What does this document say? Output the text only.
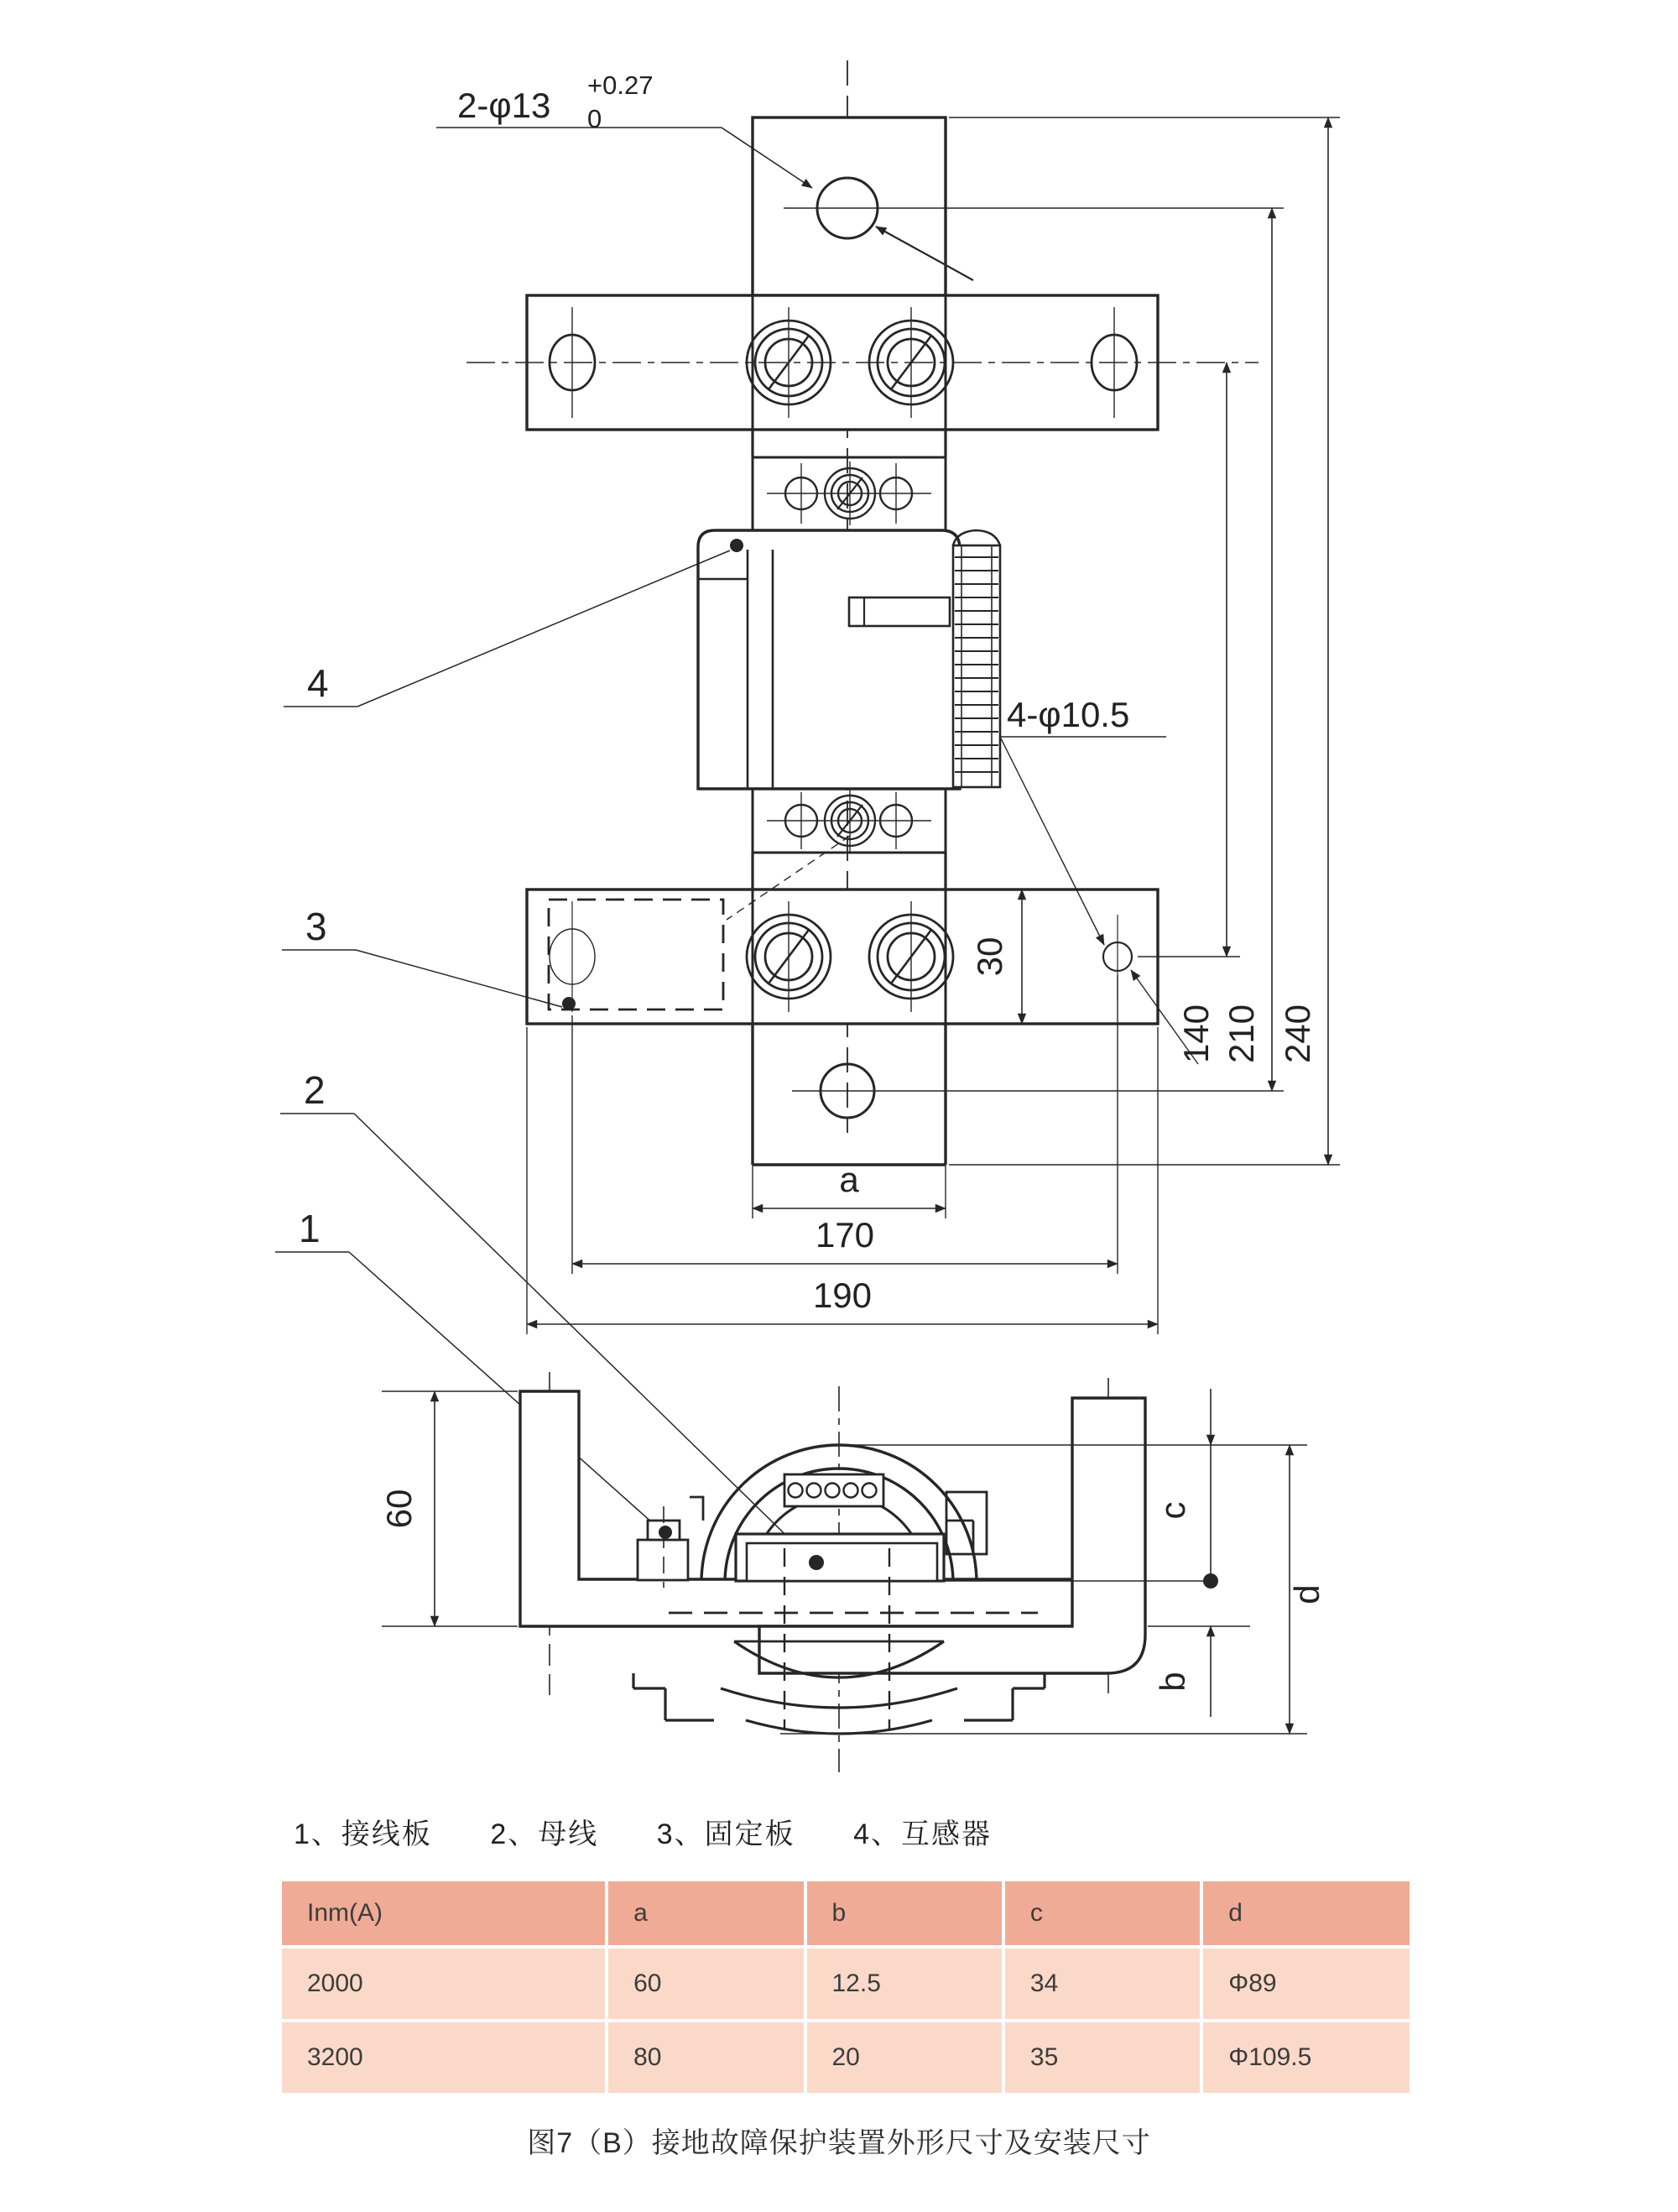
2-φ13
+0.27
0
4-φ10.5
30
140 210 240
a
170
190
60	c
b
d
4
3
2
1
1、接线板 2、母线 3、固定板 4、互感器
Inm(A)	a	b	c	d
2000	60	12.5	34	Φ89
3200	80	20	35	Φ109.5
图7（B）接地故障保护装置外形尺寸及安装尺寸
